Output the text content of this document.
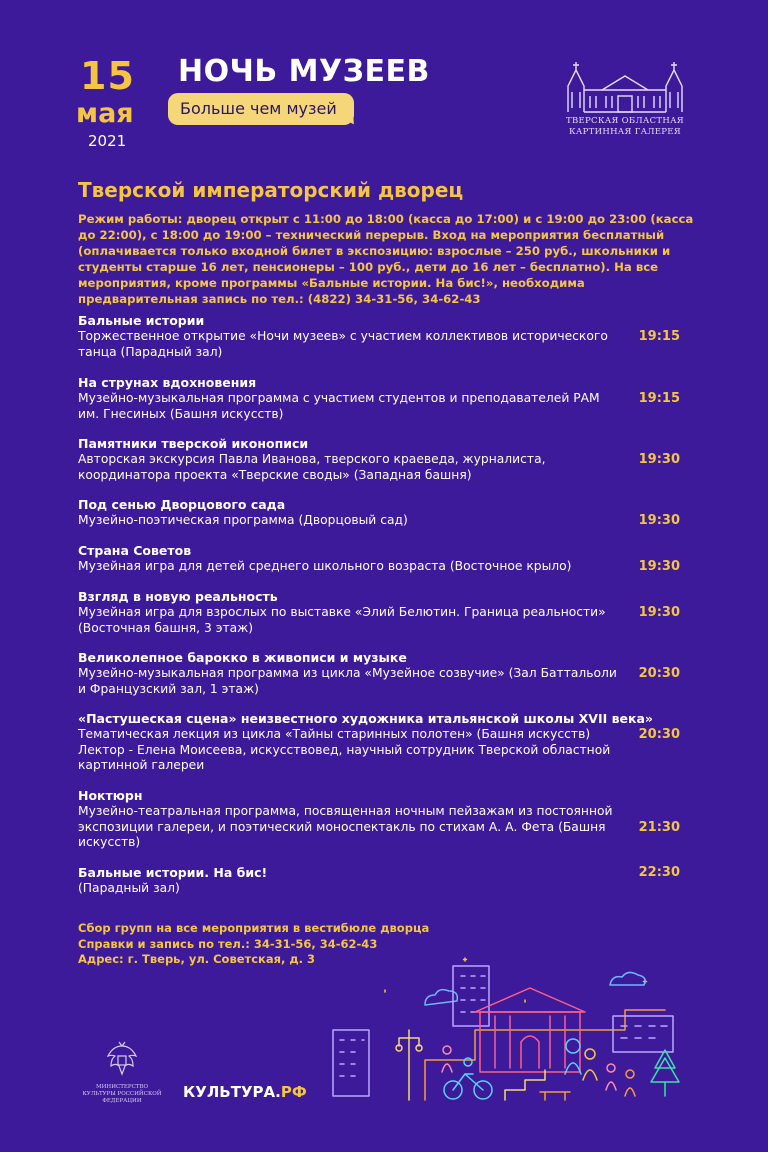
15
мая
2021
НОЧЬ МУЗЕЕВ
Больше чем музей
ТВЕРСКАЯ ОБЛАСТНАЯ КАРТИННАЯ ГАЛЕРЕЯ
Тверской императорский дворец
Режим работы: дворец открыт с 11:00 до 18:00 (касса до 17:00) и с 19:00 до 23:00 (касса до 22:00), с 18:00 до 19:00 – технический перерыв. Вход на мероприятия бесплатный (оплачивается только входной билет в экспозицию: взрослые – 250 руб., школьники и студенты старше 16 лет, пенсионеры – 100 руб., дети до 16 лет – бесплатно). На все мероприятия, кроме программы «Бальные истории. На бис!», необходима предварительная запись по тел.: (4822) 34-31-56, 34-62-43
Бальные истории
Торжественное открытие «Ночи музеев» с участием коллективов исторического танца (Парадный зал)
19:15
На струнах вдохновения
Музейно-музыкальная программа с участием студентов и преподавателей РАМ им. Гнесиных (Башня искусств)
19:15
Памятники тверской иконописи
Авторская экскурсия Павла Иванова, тверского краеведа, журналиста, координатора проекта «Тверские своды» (Западная башня)
19:30
Под сенью Дворцового сада
Музейно-поэтическая программа (Дворцовый сад)	19:30
Страна Советов
Музейная игра для детей среднего школьного возраста (Восточное крыло)	19:30
Взгляд в новую реальность
Музейная игра для взрослых по выставке «Элий Белютин. Граница реальности» (Восточная башня, 3 этаж)
19:30
Великолепное барокко в живописи и музыке
Музейно-музыкальная программа из цикла «Музейное созвучие» (Зал Баттальоли и Французский зал, 1 этаж)
20:30
«Пастушеская сцена» неизвестного художника итальянской школы XVII века»
Тематическая лекция из цикла «Тайны старинных полотен» (Башня искусств) Лектор - Елена Моисеева, искусствовед, научный сотрудник Тверской областной картинной галереи
20:30
Ноктюрн
Музейно-театральная программа, посвященная ночным пейзажам из постоянной экспозиции галереи, и поэтический моноспектакль по стихам А. А. Фета (Башня искусств)
21:30
Бальные истории. На бис!
(Парадный зал)
22:30
Сбор групп на все мероприятия в вестибюле дворца
Справки и запись по тел.: 34-31-56, 34-62-43
Адрес: г. Тверь, ул. Советская, д. 3
МИНИСТЕРСТВО КУЛЬТУРЫ РОССИЙСКОЙ ФЕДЕРАЦИИ	КУЛЬТУРА.РФ
